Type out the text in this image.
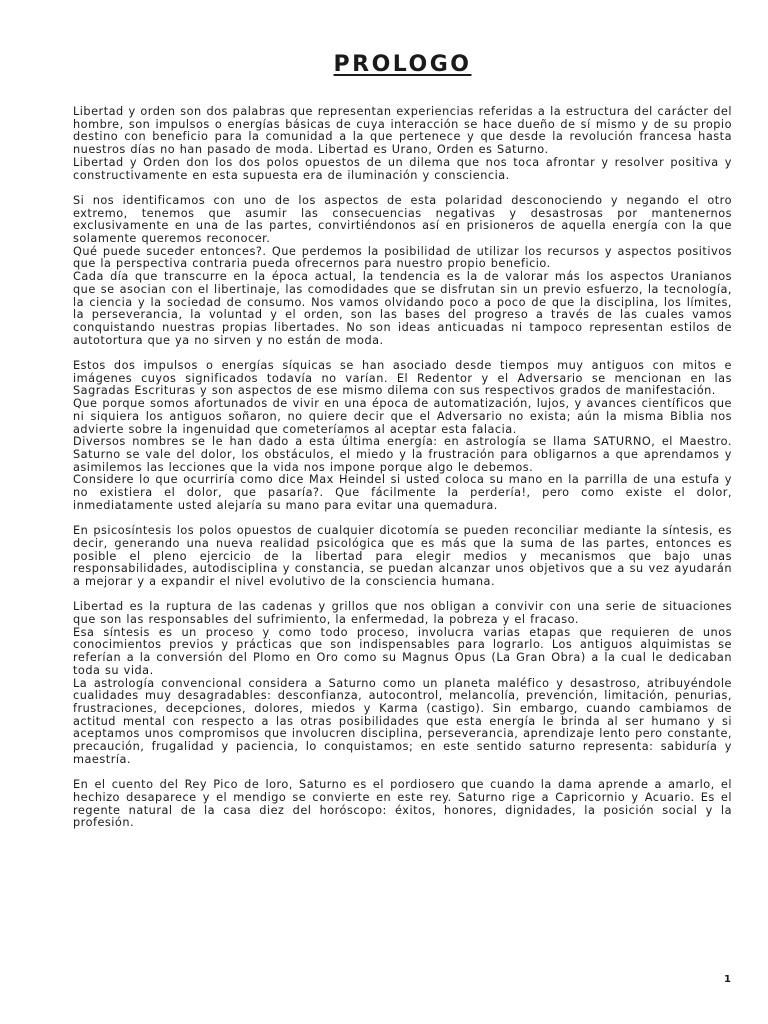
PROLOGO

Libertad y orden son dos palabras que representan experiencias referidas a la estructura del carácter del hombre, son impulsos o energías básicas de cuya interacción se hace dueño de sí mismo y de su propio destino con beneficio para la comunidad a la que pertenece y que desde la revolución francesa hasta nuestros días no han pasado de moda. Libertad es Urano, Orden es Saturno.

Libertad y Orden don los dos polos opuestos de un dilema que nos toca afrontar y resolver positiva y constructivamente en esta supuesta era de iluminación y consciencia.

Si nos identificamos con uno de los aspectos de esta polaridad desconociendo y negando el otro extremo, tenemos que asumir las consecuencias negativas y desastrosas por mantenernos exclusivamente en una de las partes, convirtiéndonos así en prisioneros de aquella energía con la que solamente queremos reconocer.

Qué puede suceder entonces?. Que perdemos la posibilidad de utilizar los recursos y aspectos positivos que la perspectiva contraria pueda ofrecernos para nuestro propio beneficio.

Cada día que transcurre en la época actual, la tendencia es la de valorar más los aspectos Uranianos que se asocian con el libertinaje, las comodidades que se disfrutan sin un previo esfuerzo, la tecnología, la ciencia y la sociedad de consumo. Nos vamos olvidando poco a poco de que la disciplina, los límites, la perseverancia, la voluntad y el orden, son las bases del progreso a través de las cuales vamos conquistando nuestras propias libertades. No son ideas anticuadas ni tampoco representan estilos de autotortura que ya no sirven y no están de moda.

Estos dos impulsos o energías síquicas se han asociado desde tiempos muy antiguos con mitos e imágenes cuyos significados todavía no varían. El Redentor y el Adversario se mencionan en las Sagradas Escrituras y son aspectos de ese mismo dilema con sus respectivos grados de manifestación.

Que porque somos afortunados de vivir en una época de automatización, lujos, y avances científicos que ni siquiera los antiguos soñaron, no quiere decir que el Adversario no exista; aún la misma Biblia nos advierte sobre la ingenuidad que cometeríamos al aceptar esta falacia.

Diversos nombres se le han dado a esta última energía: en astrología se llama SATURNO, el Maestro. Saturno se vale del dolor, los obstáculos, el miedo y la frustración para obligarnos a que aprendamos y asimilemos las lecciones que la vida nos impone porque algo le debemos.

Considere lo que ocurriría como dice Max Heindel si usted coloca su mano en la parrilla de una estufa y no existiera el dolor, que pasaría?. Que fácilmente la perdería!, pero como existe el dolor, inmediatamente usted alejaría su mano para evitar una quemadura.

En psicosíntesis los polos opuestos de cualquier dicotomía se pueden reconciliar mediante la síntesis, es decir, generando una nueva realidad psicológica que es más que la suma de las partes, entonces es posible el pleno ejercicio de la libertad para elegir medios y mecanismos que bajo unas responsabilidades, autodisciplina y constancia, se puedan alcanzar unos objetivos que a su vez ayudarán a mejorar y a expandir el nivel evolutivo de la consciencia humana.

Libertad es la ruptura de las cadenas y grillos que nos obligan a convivir con una serie de situaciones que son las responsables del sufrimiento, la enfermedad, la pobreza y el fracaso.

Esa síntesis es un proceso y como todo proceso, involucra varias etapas que requieren de unos conocimientos previos y prácticas que son indispensables para lograrlo. Los antiguos alquimistas se referían a la conversión del Plomo en Oro como su Magnus Opus (La Gran Obra) a la cual le dedicaban toda su vida.

La astrología convencional considera a Saturno como un planeta maléfico y desastroso, atribuyéndole cualidades muy desagradables: desconfianza, autocontrol, melancolía, prevención, limitación, penurias, frustraciones, decepciones, dolores, miedos y Karma (castigo). Sin embargo, cuando cambiamos de actitud mental con respecto a las otras posibilidades que esta energía le brinda al ser humano y si aceptamos unos compromisos que involucren disciplina, perseverancia, aprendizaje lento pero constante, precaución, frugalidad y paciencia, lo conquistamos; en este sentido saturno representa: sabiduría y maestría.

En el cuento del Rey Pico de loro, Saturno es el pordiosero que cuando la dama aprende a amarlo, el hechizo desaparece y el mendigo se convierte en este rey. Saturno rige a Capricornio y Acuario. Es el regente natural de la casa diez del horóscopo: éxitos, honores, dignidades, la posición social y la profesión.

1
